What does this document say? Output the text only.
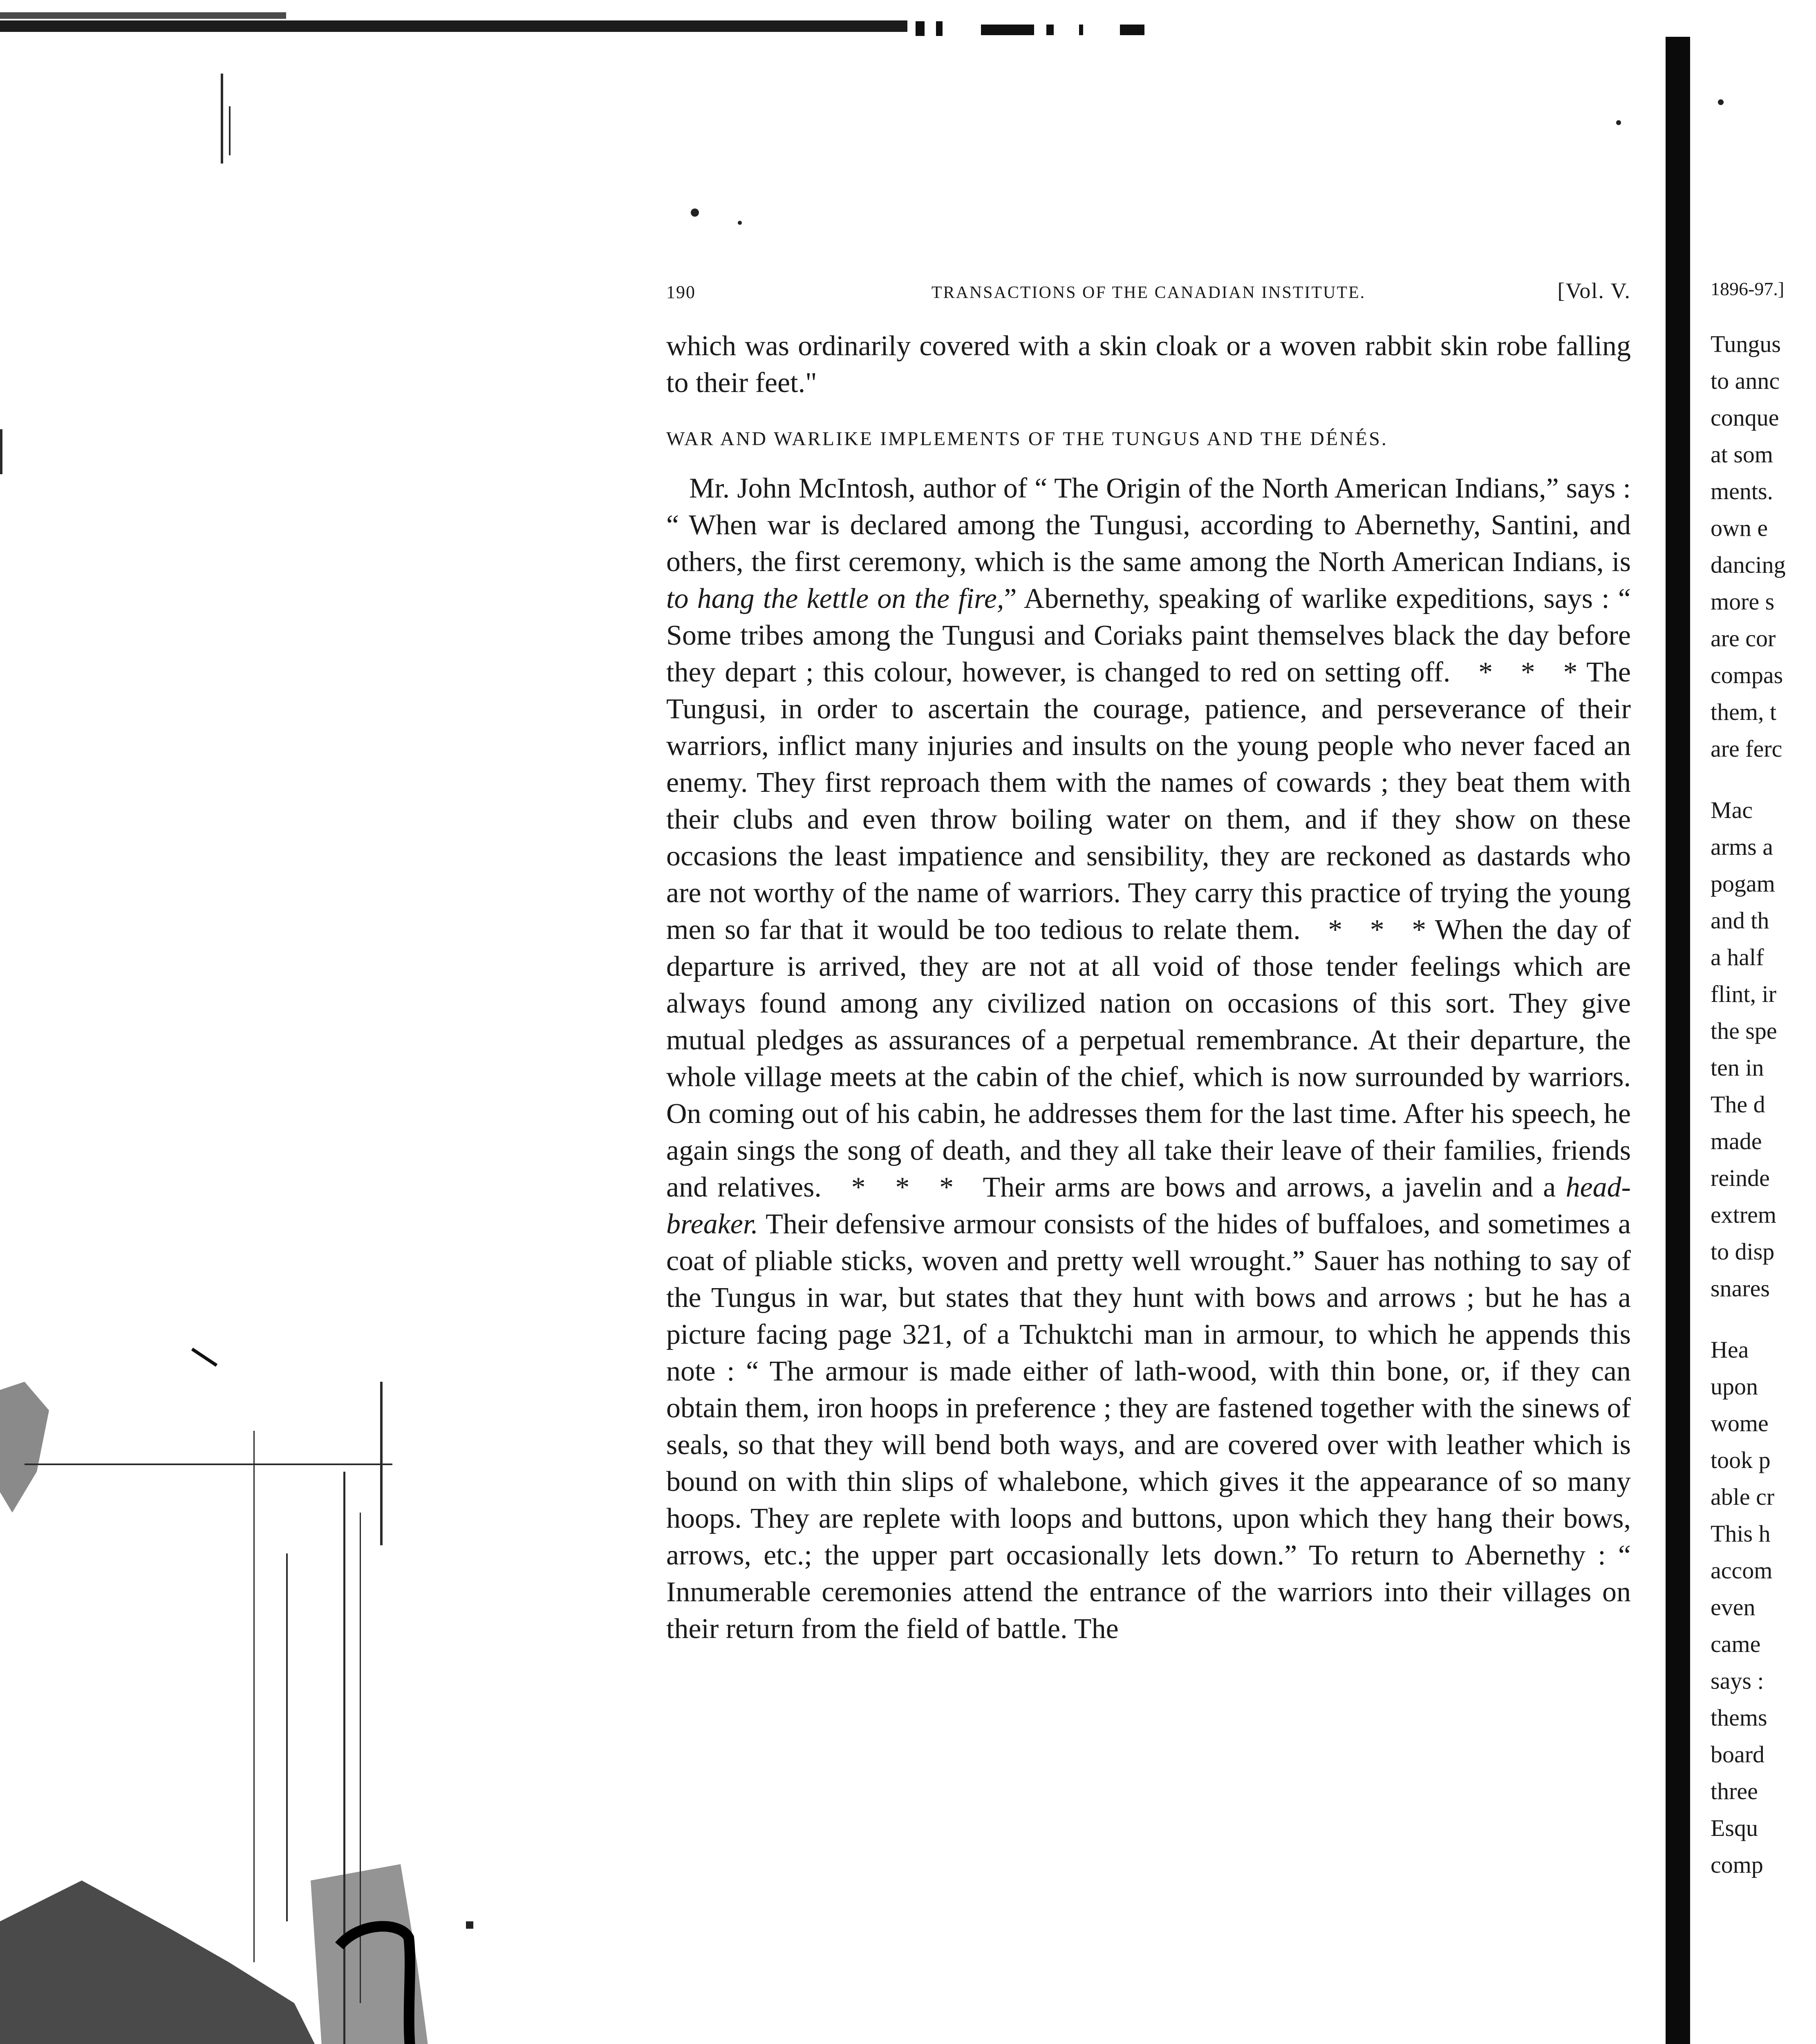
190	TRANSACTIONS OF THE CANADIAN INSTITUTE.	[Vol. V.

which was ordinarily covered with a skin cloak or a woven rabbit skin robe falling to their feet."

WAR AND WARLIKE IMPLEMENTS OF THE TUNGUS AND THE DÉNÉS.

Mr. John McIntosh, author of “ The Origin of the North American Indians,” says : “ When war is declared among the Tungusi, according to Abernethy, Santini, and others, the first ceremony, which is the same among the North American Indians, is to hang the kettle on the fire,” Abernethy, speaking of warlike expeditions, says : “ Some tribes among the Tungusi and Coriaks paint themselves black the day before they depart ; this colour, however, is changed to red on setting off.   *   *   * The Tungusi, in order to ascertain the courage, patience, and perseverance of their warriors, inflict many injuries and insults on the young people who never faced an enemy. They first reproach them with the names of cowards ; they beat them with their clubs and even throw boiling water on them, and if they show on these occasions the least impatience and sensibility, they are reckoned as dastards who are not worthy of the name of warriors. They carry this practice of trying the young men so far that it would be too tedious to relate them.   *   *   * When the day of departure is arrived, they are not at all void of those tender feelings which are always found among any civilized nation on occasions of this sort. They give mutual pledges as assurances of a perpetual remembrance. At their departure, the whole village meets at the cabin of the chief, which is now surrounded by warriors. On coming out of his cabin, he addresses them for the last time. After his speech, he again sings the song of death, and they all take their leave of their families, friends and relatives.   *   *   *   Their arms are bows and arrows, a javelin and a head-breaker. Their defensive armour consists of the hides of buffaloes, and sometimes a coat of pliable sticks, woven and pretty well wrought.” Sauer has nothing to say of the Tungus in war, but states that they hunt with bows and arrows ; but he has a picture facing page 321, of a Tchuktchi man in armour, to which he appends this note : “ The armour is made either of lath-wood, with thin bone, or, if they can obtain them, iron hoops in preference ; they are fastened together with the sinews of seals, so that they will bend both ways, and are covered over with leather which is bound on with thin slips of whalebone, which gives it the appearance of so many hoops. They are replete with loops and buttons, upon which they hang their bows, arrows, etc.; the upper part occasionally lets down.” To return to Abernethy : “ Innumerable ceremonies attend the entrance of the warriors into their villages on their return from the field of battle. The

1896-97.]
Tungus
to annc
conque
at som
ments.
own e
dancing
more s
are cor
compas
them, t
are ferc
Mac
arms a
pogam
and th
a half
flint, ir
the spe
ten in
The d
made
reinde
extrem
to disp
snares
Hea
upon
wome
took p
able cr
This h
accom
even
came
says :
thems
board
three
Esqu
comp
